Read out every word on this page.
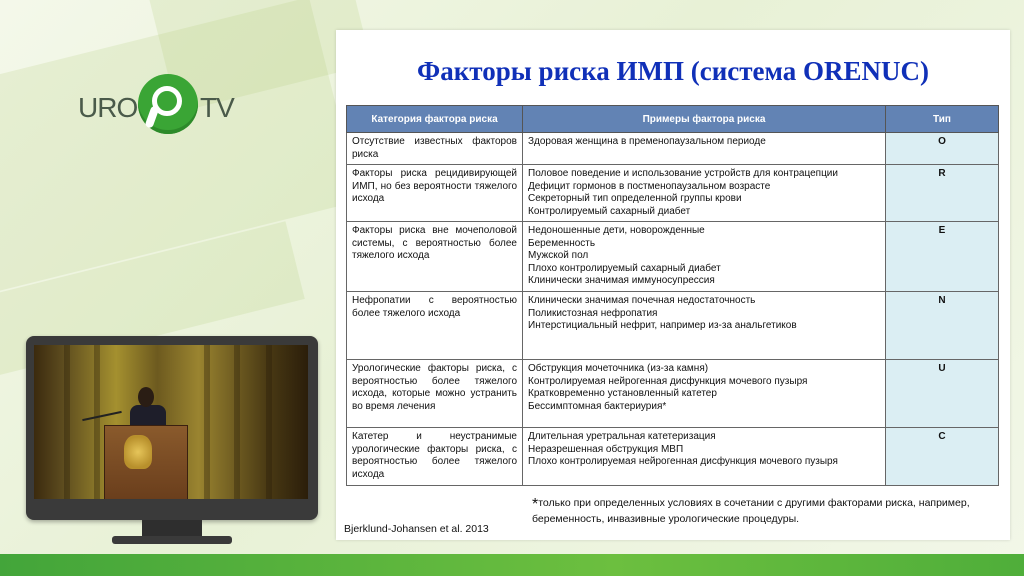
URO TV
Факторы риска ИМП (система ORENUC)
Категория фактора риска	Примеры фактора риска	Тип
Отсутствие известных факторов риска	Здоровая женщина в пременопаузальном периоде	O
Факторы риска рецидивирующей ИМП, но без вероятности тяжелого исхода	Половое поведение и использование устройств для контрацепции
Дефицит гормонов в постменопаузальном возрасте
Секреторный тип определенной группы крови
Контролируемый сахарный диабет	R
Факторы риска вне мочеполовой системы, с вероятностью более тяжелого исхода	Недоношенные дети, новорожденные
Беременность
Мужской пол
Плохо контролируемый сахарный диабет
Клинически значимая иммуносупрессия	E
Нефропатии с вероятностью более тяжелого исхода	Клинически значимая почечная недостаточность
Поликистозная нефропатия
Интерстициальный нефрит, например из-за анальгетиков	N
Урологические факторы риска, с вероятностью более тяжелого исхода, которые можно устранить во время лечения	Обструкция мочеточника (из-за камня)
Контролируемая нейрогенная дисфункция мочевого пузыря
Кратковременно установленный катетер
Бессимптомная бактериурия*	U
Катетер и неустранимые урологические факторы риска, с вероятностью более тяжелого исхода	Длительная уретральная катетеризация
Неразрешенная обструкция МВП
Плохо контролируемая нейрогенная дисфункция мочевого пузыря	C
*только при определенных условиях в сочетании с другими факторами риска, например, беременность, инвазивные урологические процедуры.
Bjerklund-Johansen et al. 2013
